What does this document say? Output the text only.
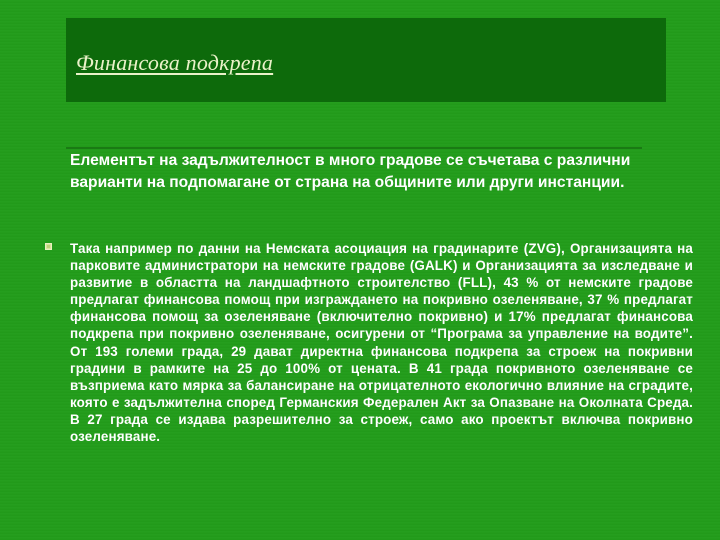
Финансова подкрепа

Елементът на задължителност в много градове се съчетава с различни варианти на подпомагане от страна на общините или други инстанции.

Така например по данни на Немската асоциация на градинарите (ZVG), Организацията на парковите администратори на немските градове (GALK) и Организацията за изследване и развитие в областта на ландшафтното строителство (FLL), 43 % от немските градове предлагат финансова помощ при изграждането на покривно озеленяване, 37 % предлагат финансова помощ за озеленяване (включително покривно) и 17% предлагат финансова подкрепа при покривно озеленяване, осигурени от “Програма за управление на водите”. От 193 големи града, 29 дават директна финансова подкрепа за строеж на покривни градини в рамките на 25 до 100% от цената. В 41 града покривното озеленяване се възприема като мярка за балансиране на отрицателното екологично влияние на сградите, която е задължителна според Германския Федерален Акт за Опазване на Околната Среда. В 27 града се издава разрешително за строеж, само ако проектът включва покривно озеленяване.
